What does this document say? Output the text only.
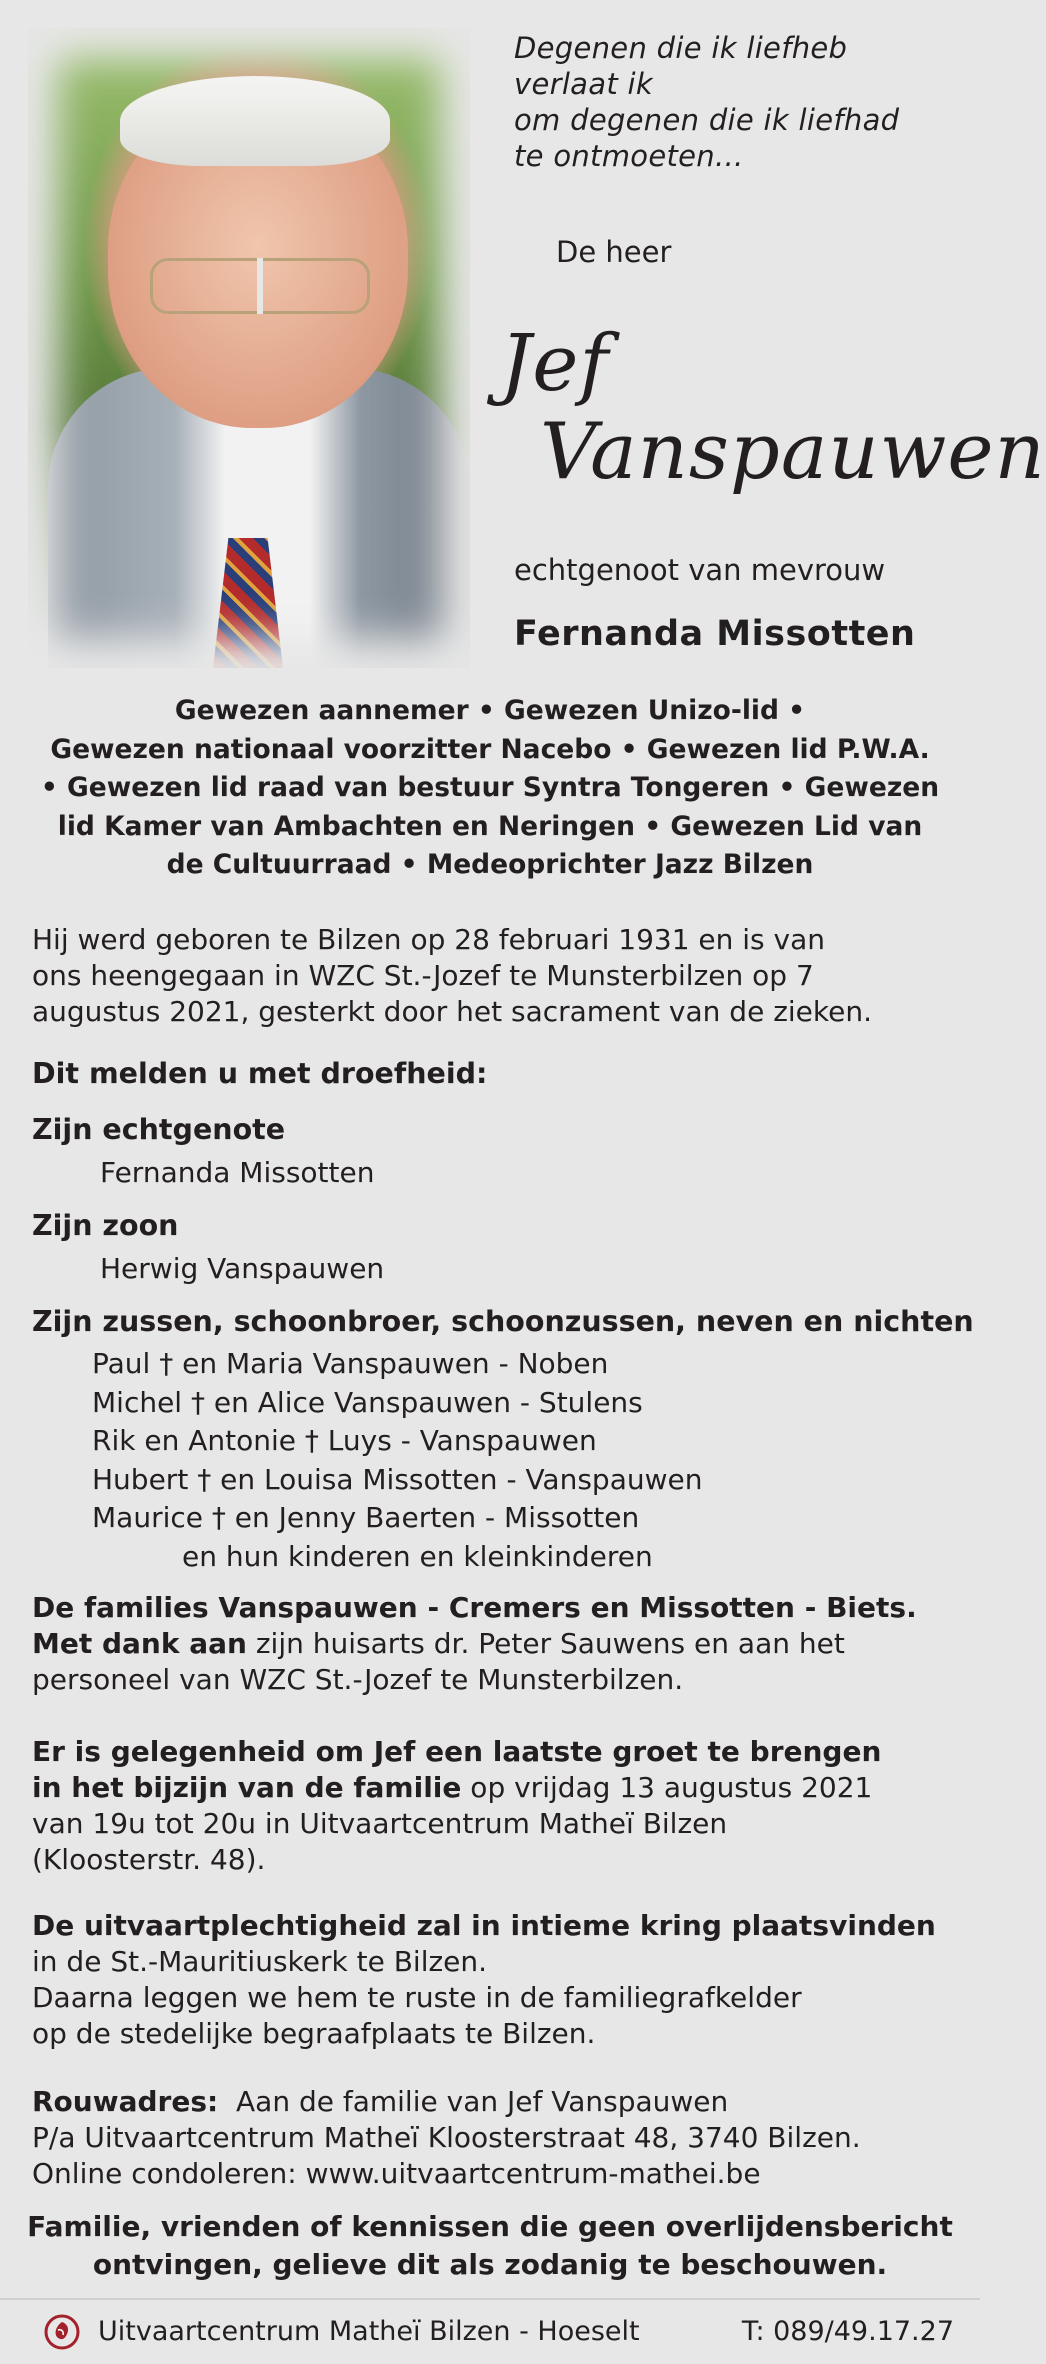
Degenen die ik liefheb
verlaat ik
om degenen die ik liefhad
te ontmoeten...
De heer
Jef
Vanspauwen
echtgenoot van mevrouw
Fernanda Missotten
Gewezen aannemer • Gewezen Unizo-lid •
Gewezen nationaal voorzitter Nacebo • Gewezen lid P.W.A.
• Gewezen lid raad van bestuur Syntra Tongeren • Gewezen
lid Kamer van Ambachten en Neringen • Gewezen Lid van
de Cultuurraad • Medeoprichter Jazz Bilzen
Hij werd geboren te Bilzen op 28 februari 1931 en is van
ons heengegaan in WZC St.-Jozef te Munsterbilzen op 7
augustus 2021, gesterkt door het sacrament van de zieken.
Dit melden u met droefheid:
Zijn echtgenote
Fernanda Missotten
Zijn zoon
Herwig Vanspauwen
Zijn zussen, schoonbroer, schoonzussen, neven en nichten
Paul † en Maria Vanspauwen - Noben
Michel † en Alice Vanspauwen - Stulens
Rik en Antonie † Luys - Vanspauwen
Hubert † en Louisa Missotten - Vanspauwen
Maurice † en Jenny Baerten - Missotten
en hun kinderen en kleinkinderen
De families Vanspauwen - Cremers en Missotten - Biets.
Met dank aan zijn huisarts dr. Peter Sauwens en aan het
personeel van WZC St.-Jozef te Munsterbilzen.
Er is gelegenheid om Jef een laatste groet te brengen
in het bijzijn van de familie op vrijdag 13 augustus 2021
van 19u tot 20u in Uitvaartcentrum Matheï Bilzen
(Kloosterstr. 48).
De uitvaartplechtigheid zal in intieme kring plaatsvinden
in de St.-Mauritiuskerk te Bilzen.
Daarna leggen we hem te ruste in de familiegrafkelder
op de stedelijke begraafplaats te Bilzen.
Rouwadres:  Aan de familie van Jef Vanspauwen
P/a Uitvaartcentrum Matheï Kloosterstraat 48, 3740 Bilzen.
Online condoleren: www.uitvaartcentrum-mathei.be
Familie, vrienden of kennissen die geen overlijdensbericht
ontvingen, gelieve dit als zodanig te beschouwen.
Uitvaartcentrum Matheï Bilzen - Hoeselt	T: 089/49.17.27
